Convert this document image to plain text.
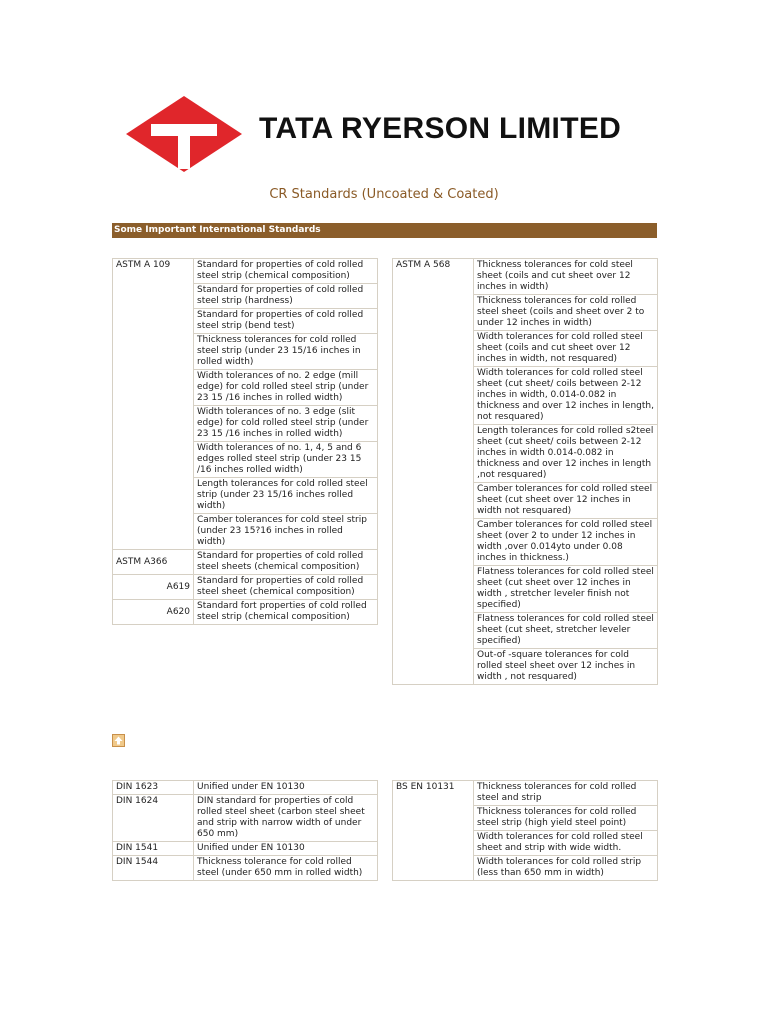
TATA RYERSON LIMITED
CR Standards (Uncoated & Coated)
Some Important International Standards
ASTM A 109	Standard for properties of cold rolled steel strip (chemical composition)
	Standard for properties of cold rolled steel strip (hardness)
	Standard for properties of cold rolled steel strip (bend test)
	Thickness tolerances for cold rolled steel strip (under 23 15/16 inches in rolled width)
	Width tolerances of no. 2 edge (mill edge) for cold rolled steel strip (under 23 15 /16 inches in rolled width)
	Width tolerances of no. 3 edge (slit edge) for cold rolled steel strip (under 23 15 /16 inches in rolled width)
	Width tolerances of no. 1, 4, 5 and 6 edges rolled steel strip (under 23 15 /16 inches rolled width)
	Length tolerances for cold rolled steel strip (under 23 15/16 inches rolled width)
	Camber tolerances for cold steel strip (under 23 15?16 inches in rolled width)
ASTM A366	Standard for properties of cold rolled steel sheets (chemical composition)
A619	Standard for properties of cold rolled steel sheet (chemical composition)
A620	Standard fort properties of cold rolled steel strip (chemical composition)
ASTM A 568	Thickness tolerances for cold steel sheet (coils and cut sheet over 12 inches in width)
Thickness tolerances for cold rolled steel sheet (coils and sheet over 2 to under 12 inches in width)
Width tolerances for cold rolled steel sheet (coils and cut sheet over 12 inches in width, not resquared)
Width tolerances for cold rolled steel sheet (cut sheet/ coils between 2-12 inches in width, 0.014-0.082 in thickness and over 12 inches in length, not resquared)
Length tolerances for cold rolled s2teel sheet (cut sheet/ coils between 2-12 inches in width 0.014-0.082 in thickness and over 12 inches in length ,not resquared)
Camber tolerances for cold rolled steel sheet (cut sheet over 12 inches in width not resquared)
Camber tolerances for cold rolled steel sheet (over 2 to under 12 inches in width ,over 0.014yto under 0.08 inches in thickness.)
Flatness tolerances for cold rolled steel sheet (cut sheet over 12 inches in width , stretcher leveler finish not specified)
Flatness tolerances for cold rolled steel sheet (cut sheet, stretcher leveler specified)
Out-of -square tolerances for cold rolled steel sheet over 12 inches in width , not resquared)
DIN 1623	Unified under EN 10130
DIN 1624	DIN standard for properties of cold rolled steel sheet (carbon steel sheet and strip with narrow width of under 650 mm)
DIN 1541	Unified under EN 10130
DIN 1544	Thickness tolerance for cold rolled steel (under 650 mm in rolled width)
BS EN 10131	Thickness tolerances for cold rolled steel and strip
Thickness tolerances for cold rolled steel strip (high yield steel point)
Width tolerances for cold rolled steel sheet and strip with wide width.
Width tolerances for cold rolled strip (less than 650 mm in width)
